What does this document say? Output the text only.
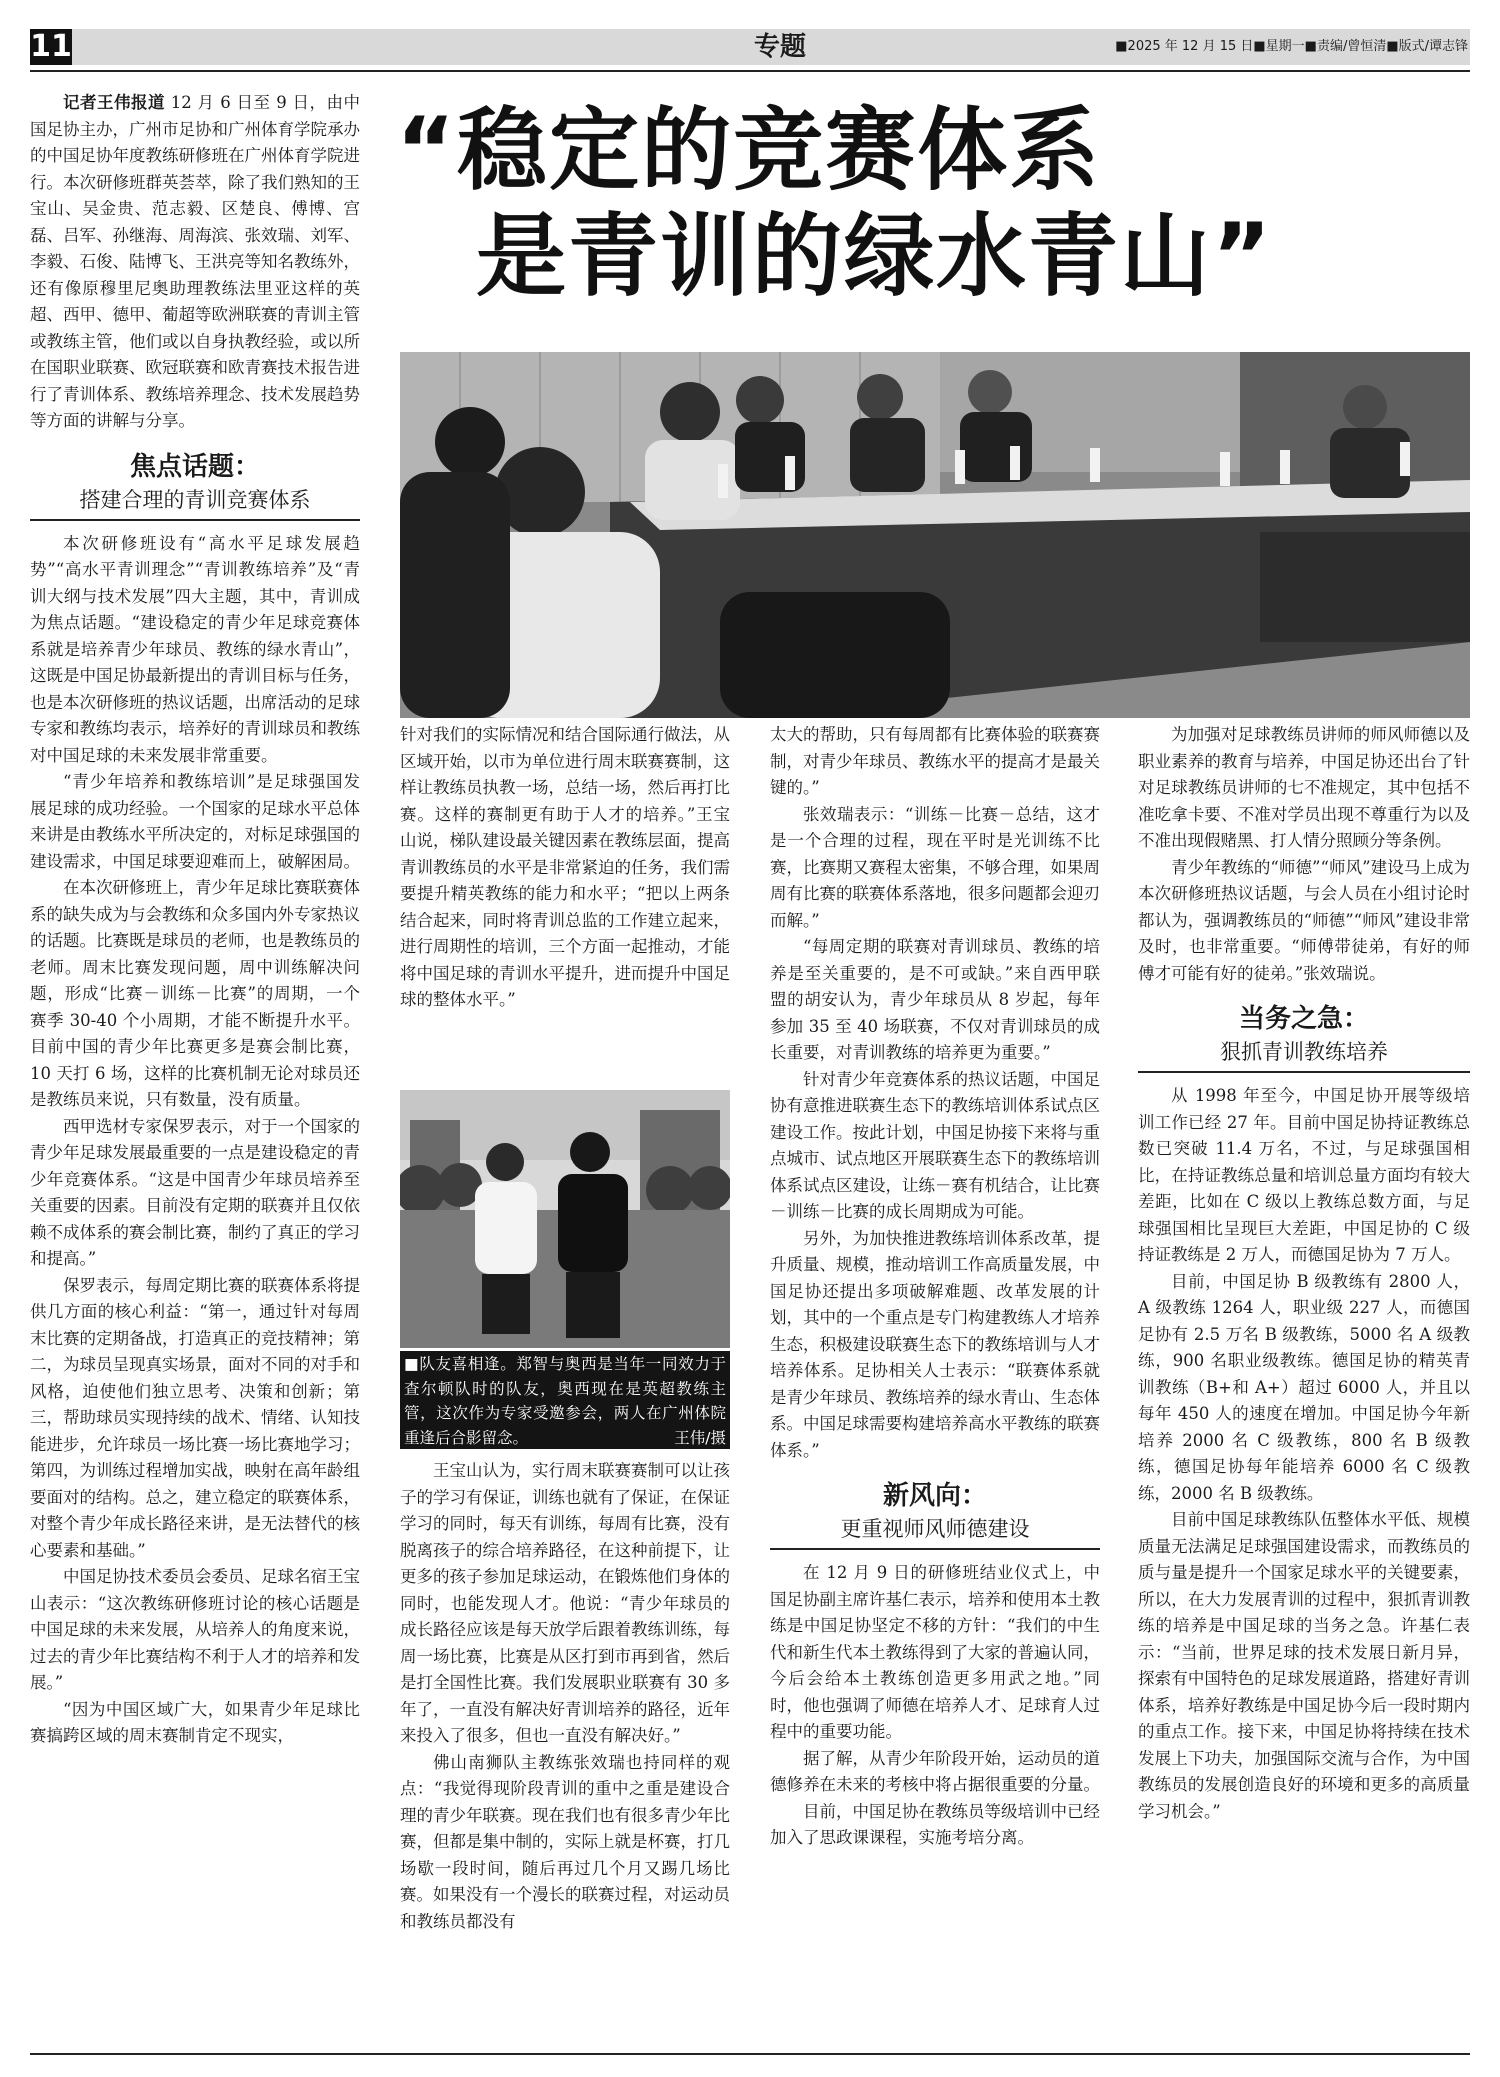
11	专题	■2025 年 12 月 15 日■星期一■责编/曾恒清■版式/谭志锋
“稳定的竞赛体系
是青训的绿水青山”

记者王伟报道 12 月 6 日至 9 日，由中国足协主办，广州市足协和广州体育学院承办的中国足协年度教练研修班在广州体育学院进行。本次研修班群英荟萃，除了我们熟知的王宝山、吴金贵、范志毅、区楚良、傅博、宫磊、吕军、孙继海、周海滨、张效瑞、刘军、李毅、石俊、陆博飞、王洪亮等知名教练外，还有像原穆里尼奥助理教练法里亚这样的英超、西甲、德甲、葡超等欧洲联赛的青训主管或教练主管，他们或以自身执教经验，或以所在国职业联赛、欧冠联赛和欧青赛技术报告进行了青训体系、教练培养理念、技术发展趋势等方面的讲解与分享。

焦点话题：
搭建合理的青训竞赛体系

本次研修班设有“高水平足球发展趋势”“高水平青训理念”“青训教练培养”及“青训大纲与技术发展”四大主题，其中，青训成为焦点话题。“建设稳定的青少年足球竞赛体系就是培养青少年球员、教练的绿水青山”，这既是中国足协最新提出的青训目标与任务，也是本次研修班的热议话题，出席活动的足球专家和教练均表示，培养好的青训球员和教练对中国足球的未来发展非常重要。

“青少年培养和教练培训”是足球强国发展足球的成功经验。一个国家的足球水平总体来讲是由教练水平所决定的，对标足球强国的建设需求，中国足球要迎难而上，破解困局。

在本次研修班上，青少年足球比赛联赛体系的缺失成为与会教练和众多国内外专家热议的话题。比赛既是球员的老师，也是教练员的老师。周末比赛发现问题，周中训练解决问题，形成“比赛－训练－比赛”的周期，一个赛季 30-40 个小周期，才能不断提升水平。目前中国的青少年比赛更多是赛会制比赛，10 天打 6 场，这样的比赛机制无论对球员还是教练员来说，只有数量，没有质量。

西甲选材专家保罗表示，对于一个国家的青少年足球发展最重要的一点是建设稳定的青少年竞赛体系。“这是中国青少年球员培养至关重要的因素。目前没有定期的联赛并且仅依赖不成体系的赛会制比赛，制约了真正的学习和提高。”

保罗表示，每周定期比赛的联赛体系将提供几方面的核心利益：“第一，通过针对每周末比赛的定期备战，打造真正的竞技精神；第二，为球员呈现真实场景，面对不同的对手和风格，迫使他们独立思考、决策和创新；第三，帮助球员实现持续的战术、情绪、认知技能进步，允许球员一场比赛一场比赛地学习；第四，为训练过程增加实战，映射在高年龄组要面对的结构。总之，建立稳定的联赛体系，对整个青少年成长路径来讲，是无法替代的核心要素和基础。”

中国足协技术委员会委员、足球名宿王宝山表示：“这次教练研修班讨论的核心话题是中国足球的未来发展，从培养人的角度来说，过去的青少年比赛结构不利于人才的培养和发展。”

“因为中国区域广大，如果青少年足球比赛搞跨区域的周末赛制肯定不现实，

针对我们的实际情况和结合国际通行做法，从区域开始，以市为单位进行周末联赛赛制，这样让教练员执教一场，总结一场，然后再打比赛。这样的赛制更有助于人才的培养。”王宝山说，梯队建设最关键因素在教练层面，提高青训教练员的水平是非常紧迫的任务，我们需要提升精英教练的能力和水平；“把以上两条结合起来，同时将青训总监的工作建立起来，进行周期性的培训，三个方面一起推动，才能将中国足球的青训水平提升，进而提升中国足球的整体水平。”

■队友喜相逢。郑智与奥西是当年一同效力于查尔顿队时的队友，奥西现在是英超教练主管，这次作为专家受邀参会，两人在广州体院重逢后合影留念。	王伟/摄

王宝山认为，实行周末联赛赛制可以让孩子的学习有保证，训练也就有了保证，在保证学习的同时，每天有训练，每周有比赛，没有脱离孩子的综合培养路径，在这种前提下，让更多的孩子参加足球运动，在锻炼他们身体的同时，也能发现人才。他说：“青少年球员的成长路径应该是每天放学后跟着教练训练，每周一场比赛，比赛是从区打到市再到省，然后是打全国性比赛。我们发展职业联赛有 30 多年了，一直没有解决好青训培养的路径，近年来投入了很多，但也一直没有解决好。”

佛山南狮队主教练张效瑞也持同样的观点：“我觉得现阶段青训的重中之重是建设合理的青少年联赛。现在我们也有很多青少年比赛，但都是集中制的，实际上就是杯赛，打几场歇一段时间，随后再过几个月又踢几场比赛。如果没有一个漫长的联赛过程，对运动员和教练员都没有

太大的帮助，只有每周都有比赛体验的联赛赛制，对青少年球员、教练水平的提高才是最关键的。”

张效瑞表示：“训练－比赛－总结，这才是一个合理的过程，现在平时是光训练不比赛，比赛期又赛程太密集，不够合理，如果周周有比赛的联赛体系落地，很多问题都会迎刃而解。”

“每周定期的联赛对青训球员、教练的培养是至关重要的，是不可或缺。”来自西甲联盟的胡安认为，青少年球员从 8 岁起，每年参加 35 至 40 场联赛，不仅对青训球员的成长重要，对青训教练的培养更为重要。”

针对青少年竞赛体系的热议话题，中国足协有意推进联赛生态下的教练培训体系试点区建设工作。按此计划，中国足协接下来将与重点城市、试点地区开展联赛生态下的教练培训体系试点区建设，让练－赛有机结合，让比赛－训练－比赛的成长周期成为可能。

另外，为加快推进教练培训体系改革，提升质量、规模，推动培训工作高质量发展，中国足协还提出多项破解难题、改革发展的计划，其中的一个重点是专门构建教练人才培养生态，积极建设联赛生态下的教练培训与人才培养体系。足协相关人士表示：“联赛体系就是青少年球员、教练培养的绿水青山、生态体系。中国足球需要构建培养高水平教练的联赛体系。”

新风向：
更重视师风师德建设

在 12 月 9 日的研修班结业仪式上，中国足协副主席许基仁表示，培养和使用本土教练是中国足协坚定不移的方针：“我们的中生代和新生代本土教练得到了大家的普遍认同，今后会给本土教练创造更多用武之地。”同时，他也强调了师德在培养人才、足球育人过程中的重要功能。

据了解，从青少年阶段开始，运动员的道德修养在未来的考核中将占据很重要的分量。

目前，中国足协在教练员等级培训中已经加入了思政课课程，实施考培分离。

为加强对足球教练员讲师的师风师德以及职业素养的教育与培养，中国足协还出台了针对足球教练员讲师的七不准规定，其中包括不准吃拿卡要、不准对学员出现不尊重行为以及不准出现假赌黑、打人情分照顾分等条例。

青少年教练的“师德”“师风”建设马上成为本次研修班热议话题，与会人员在小组讨论时都认为，强调教练员的“师德”“师风”建设非常及时，也非常重要。“师傅带徒弟，有好的师傅才可能有好的徒弟。”张效瑞说。

当务之急：
狠抓青训教练培养

从 1998 年至今，中国足协开展等级培训工作已经 27 年。目前中国足协持证教练总数已突破 11.4 万名，不过，与足球强国相比，在持证教练总量和培训总量方面均有较大差距，比如在 C 级以上教练总数方面，与足球强国相比呈现巨大差距，中国足协的 C 级持证教练是 2 万人，而德国足协为 7 万人。

目前，中国足协 B 级教练有 2800 人，A 级教练 1264 人，职业级 227 人，而德国足协有 2.5 万名 B 级教练，5000 名 A 级教练，900 名职业级教练。德国足协的精英青训教练（B+和 A+）超过 6000 人，并且以每年 450 人的速度在增加。中国足协今年新培养 2000 名 C 级教练，800 名 B 级教练，德国足协每年能培养 6000 名 C 级教练，2000 名 B 级教练。

目前中国足球教练队伍整体水平低、规模质量无法满足足球强国建设需求，而教练员的质与量是提升一个国家足球水平的关键要素，所以，在大力发展青训的过程中，狠抓青训教练的培养是中国足球的当务之急。许基仁表示：“当前，世界足球的技术发展日新月异，探索有中国特色的足球发展道路，搭建好青训体系，培养好教练是中国足协今后一段时期内的重点工作。接下来，中国足协将持续在技术发展上下功夫，加强国际交流与合作，为中国教练员的发展创造良好的环境和更多的高质量学习机会。”
